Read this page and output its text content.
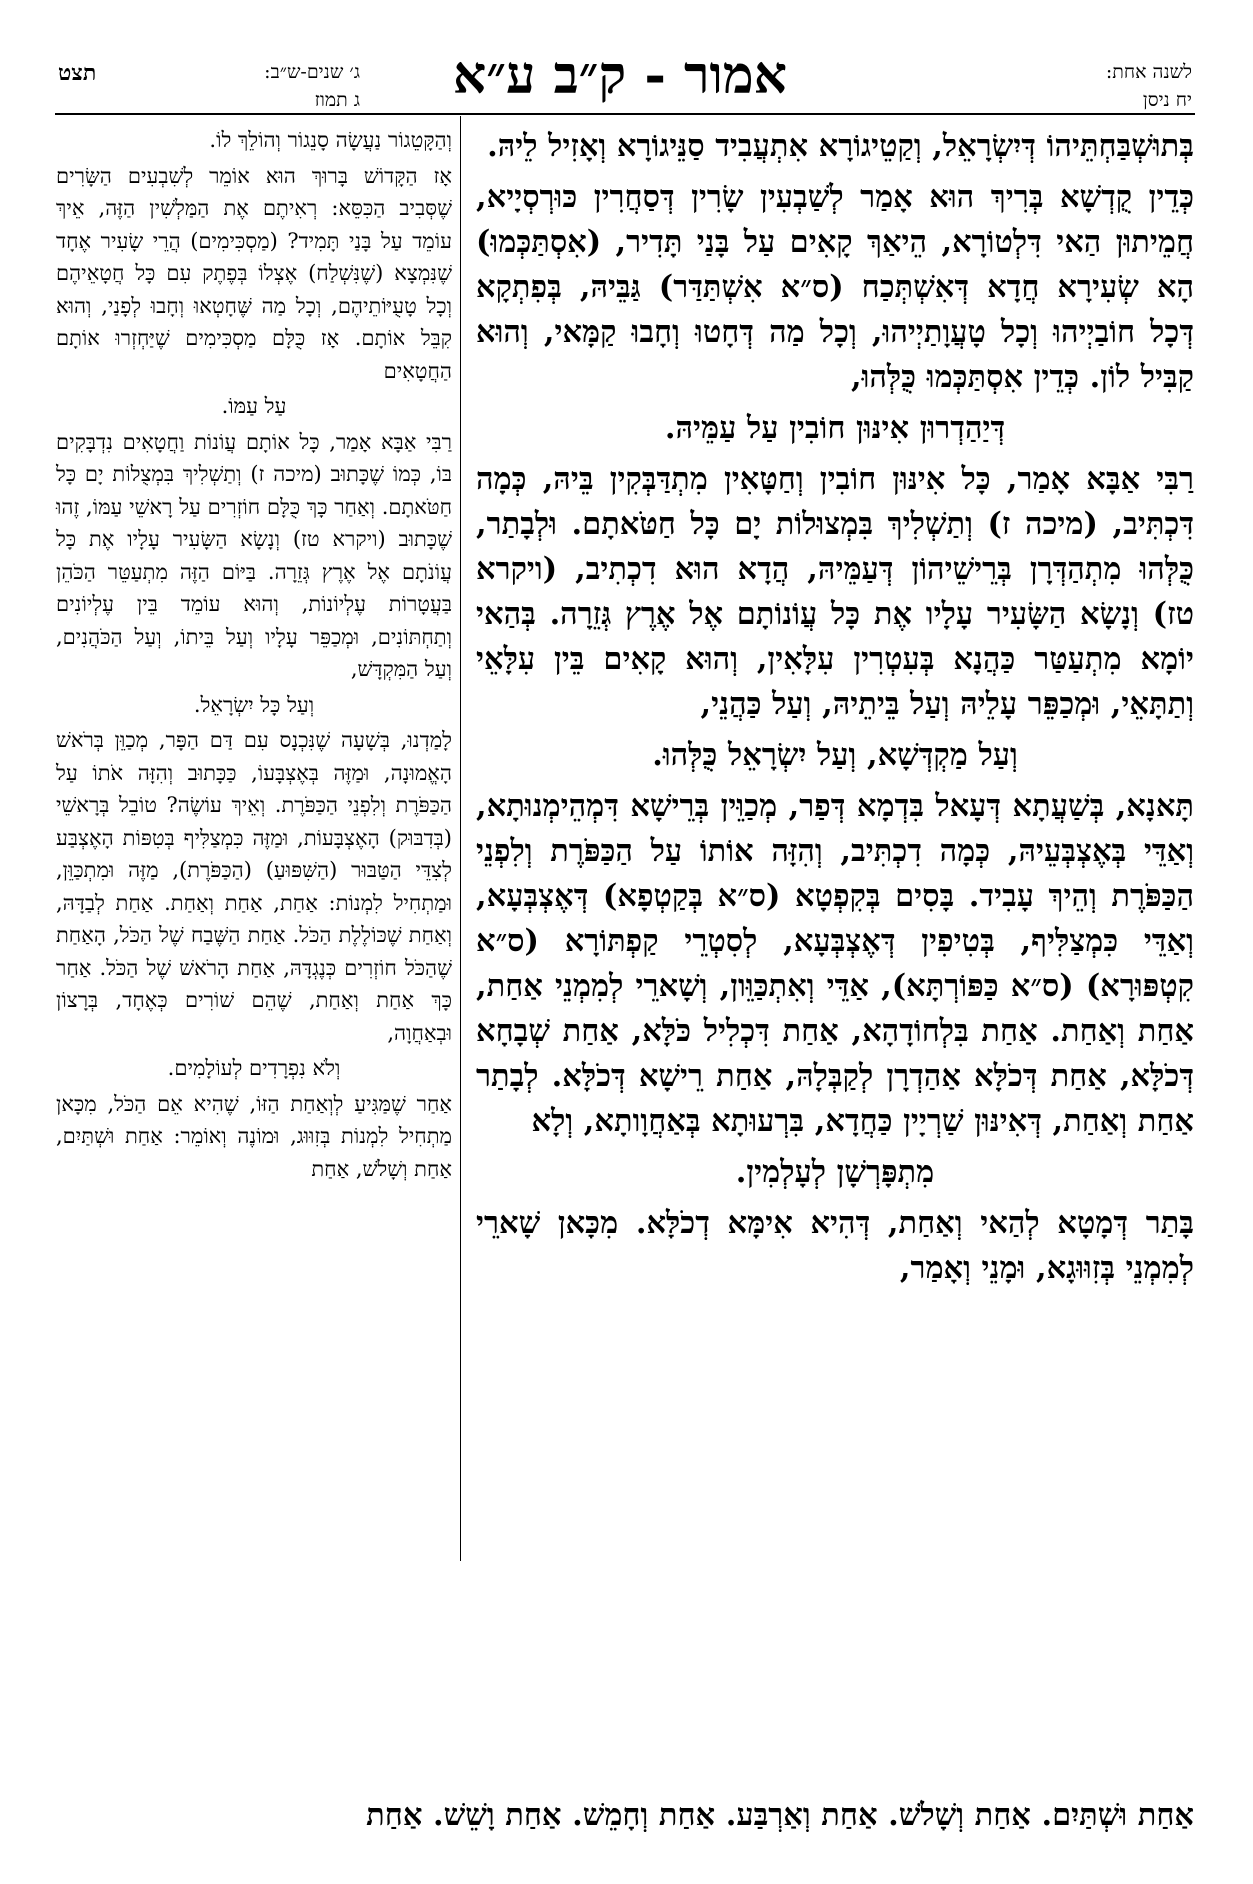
תצט	ג׳ שנים-ש״ב:
ג תמוז	אמור - ק״ב ע״א	לשנה אחת:
יח ניסן

בְּתוּשְׁבַּחְתֵּיהוֹ דְּיִשְׂרָאֵל, וְקַטֵיגוֹרָא אִתְעֲבִיד סַנֵּיגוֹרָא וְאָזִיל לֵיהּ.

כְּדֵין קֻדְשָׁא בְּרִיךְ הוּא אָמַר לְשַׁבְעִין שָׂרִין דְּסַחֲרִין כּוּרְסְיָיא, חֲמֵיתוּן הַאי דִּלְטוֹרָא, הֵיאַךְ קָאִים עַל בָּנַי תָּדִיר, (אִסְתַּכְּמוּ) הָא שְׂעִירָא חֲדָא דְּאִשְׁתְּכַח (ס״א אִשְׁתַּדַּר) גַּבֵּיהּ, בְּפִתְקָא דְּכָל חוֹבַיְיהוּ וְכָל טָעֲוָתַיְיהוּ, וְכָל מַה דְּחָטוּ וְחָבוּ קַמָּאי, וְהוּא קַבִּיל לוֹן. כְּדֵין אִסְתַּכְּמוּ כֻּלְּהוּ,

דְּיַהַדְרוּן אִינּוּן חוֹבִין עַל עַמֵּיהּ.

רַבִּי אַבָּא אָמַר, כָּל אִינּוּן חוֹבִין וְחַטָּאִין מִתְדַּבְּקִין בֵּיהּ, כְּמָה דִּכְתִּיב, (מיכה ז) וְתַשְׁלִיךְ בִּמְצוּלוֹת יָם כָּל חַטֹּאתָם. וּלְבָתַר, כֻּלְּהוּ מִתְהַדְּרָן בְּרֵישֵׁיהוֹן דְּעַמֵּיהּ, הֲדָא הוּא דִכְתִיב, (ויקרא טז) וְנָשָׂא הַשָּׂעִיר עָלָיו אֶת כָּל עֲוֹנוֹתָם אֶל אֶרֶץ גְּזֵרָה. בְּהַאי יוֹמָא מִתְעַטַּר כַּהֲנָא בְּעִטְרִין עִלָּאִין, וְהוּא קָאִים בֵּין עִלָּאֵי וְתַתָּאֵי, וּמְכַפֵּר עָלֵיהּ וְעַל בֵּיתֵיהּ, וְעַל כַּהֲנֵי,

וְעַל מַקְדְּשָׁא, וְעַל יִשְׂרָאֵל כֻּלְּהוּ.

תָּאנָא, בְּשַׁעֲתָא דְּעָאל בִּדְמָא דְּפַר, מְכַוֵּין בְּרֵישָׁא דִּמְהֵימְנוּתָא, וְאַדֵּי בְּאֶצְבְּעֵיהּ, כְּמָה דִכְתִּיב, וְהִזָּה אוֹתוֹ עַל הַכַּפֹּרֶת וְלִפְנֵי הַכַּפֹּרֶת וְהֵיךְ עָבִיד. בָּסִים בְּקִפְטָא (ס״א בְּקַטְפָא) דְּאֶצְבְּעָא, וְאַדֵּי כִּמְצַלִּיף, בְּטִיפִין דְּאֶצְבְּעָא, לְסִטְרֵי קַפְתּוֹרָא (ס״א קִטְפּוּרָא) (ס״א כַּפּוֹרְתָּא), אַדֵּי וְאִתְכַּוֵּון, וְשָׁארֵי לְמִמְנֵי אַחַת, אַחַת וְאַחַת. אַחַת בִּלְחוֹדָהָא, אַחַת דִּכְלִיל כֹּלָּא, אַחַת שְׁבָחָא דְּכֹלָּא, אַחַת דְּכֹלָּא אַהַדְרָן לְקַבְּלָהּ, אַחַת רֵישָׁא דְּכֹלָּא. לְבָתַר אַחַת וְאַחַת, דְּאִינּוּן שַׁרְיָין כַּחֲדָא, בִּרְעוּתָא בְּאַחֲוָותָא, וְלָא

מִתְפָּרְשָׁן לְעָלְמִין.

בָּתַר דְּמָטָא לְהַאי וְאַחַת, דְּהִיא אִימָּא דְכֹלָּא. מִכָּאן שָׁארֵי לְמִמְנֵי בְּזִוּוּגָא, וּמָנֵי וְאָמַר,

וְהַקָּטֵגוֹר נַעֲשָׂה סָנֵגוֹר וְהוֹלֵךְ לוֹ.

אָז הַקָּדוֹשׁ בָּרוּךְ הוּא אוֹמֵר לְשִׁבְעִים הַשָּׂרִים שֶׁסְּבִיב הַכִּסֵּא: רְאִיתֶם אֶת הַמַּלְשִׁין הַזֶּה, אֵיךְ עוֹמֵד עַל בָּנַי תָּמִיד? (מַסְכִּימִים) הֲרֵי שָׂעִיר אֶחָד שֶׁנִּמְצָא (שֶׁנִּשְׁלַח) אֶצְלוֹ בְּפֶתֶק עִם כָּל חֲטָאֵיהֶם וְכָל טָעֻיּוֹתֵיהֶם, וְכָל מַה שֶּׁחָטְאוּ וְחָבוּ לְפָנַי, וְהוּא קִבֵּל אוֹתָם. אָז כֻּלָּם מַסְכִּימִים שֶׁיַּחְזְרוּ אוֹתָם הַחֲטָאִים

עַל עַמּוֹ.

רַבִּי אַבָּא אָמַר, כָּל אוֹתָם עֲוֹנוֹת וַחֲטָאִים נִדְבָּקִים בּוֹ, כְּמוֹ שֶׁכָּתוּב (מיכה ז) וְתַשְׁלִיךְ בִּמְצֻלוֹת יָם כָּל חַטֹּאתָם. וְאַחַר כָּךְ כֻּלָּם חוֹזְרִים עַל רָאשֵׁי עַמּוֹ, זֶהוּ שֶׁכָּתוּב (ויקרא טז) וְנָשָׂא הַשָּׂעִיר עָלָיו אֶת כָּל עֲוֹנֹתָם אֶל אֶרֶץ גְּזֵרָה. בַּיּוֹם הַזֶּה מִתְעַטֵּר הַכֹּהֵן בַּעֲטָרוֹת עֶלְיוֹנוֹת, וְהוּא עוֹמֵד בֵּין עֶלְיוֹנִים וְתַחְתּוֹנִים, וּמְכַפֵּר עָלָיו וְעַל בֵּיתוֹ, וְעַל הַכֹּהֲנִים, וְעַל הַמִּקְדָּשׁ,

וְעַל כָּל יִשְׂרָאֵל.

לָמַדְנוּ, בְּשָׁעָה שֶׁנִּכְנָס עִם דַּם הַפָּר, מְכַוֵּן בְּרֹאשׁ הָאֱמוּנָה, וּמַזֶּה בְּאֶצְבָּעוֹ, כַּכָּתוּב וְהִזָּה אֹתוֹ עַל הַכַּפֹּרֶת וְלִפְנֵי הַכַּפֹּרֶת. וְאֵיךְ עוֹשֶׂה? טוֹבֵל בְּרָאשֵׁי (בְּדִבּוּק) הָאֶצְבָּעוֹת, וּמַזֶּה כִּמְצַלִּיף בְּטִפּוֹת הָאֶצְבַּע לְצִדֵּי הַטַּבּוּר (הַשִּׁפּוּעַ) (הַכַּפֹּרֶת), מַזֶּה וּמִתְכַּוֵּן, וּמַתְחִיל לִמְנוֹת: אַחַת, אַחַת וְאַחַת. אַחַת לְבַדָּהּ, וְאַחַת שֶׁכּוֹלֶלֶת הַכֹּל. אַחַת הַשֶּׁבַח שֶׁל הַכֹּל, הָאַחַת שֶׁהַכֹּל חוֹזְרִים כְּנֶגְדָּהּ, אַחַת הָרֹאשׁ שֶׁל הַכֹּל. אַחַר כָּךְ אַחַת וְאַחַת, שֶׁהֵם שׁוֹרִים כְּאֶחָד, בְּרָצוֹן וּבְאַחֲוָה,

וְלֹא נִפְרָדִים לְעוֹלָמִים.

אַחַר שֶׁמַּגִּיעַ לְוְאַחַת הַזּוֹ, שֶׁהִיא אֵם הַכֹּל, מִכָּאן מַתְחִיל לִמְנוֹת בְּזִוּוּג, וּמוֹנֶה וְאוֹמֵר: אַחַת וּשְׁתַּיִם, אַחַת וְשָׁלֹשׁ, אַחַת

אַחַת וּשְׁתַּיִם. אַחַת וְשָׁלֹשׁ. אַחַת וְאַרְבַּע. אַחַת וְחָמֵשׁ. אַחַת וָשֵׁשׁ. אַחַת
